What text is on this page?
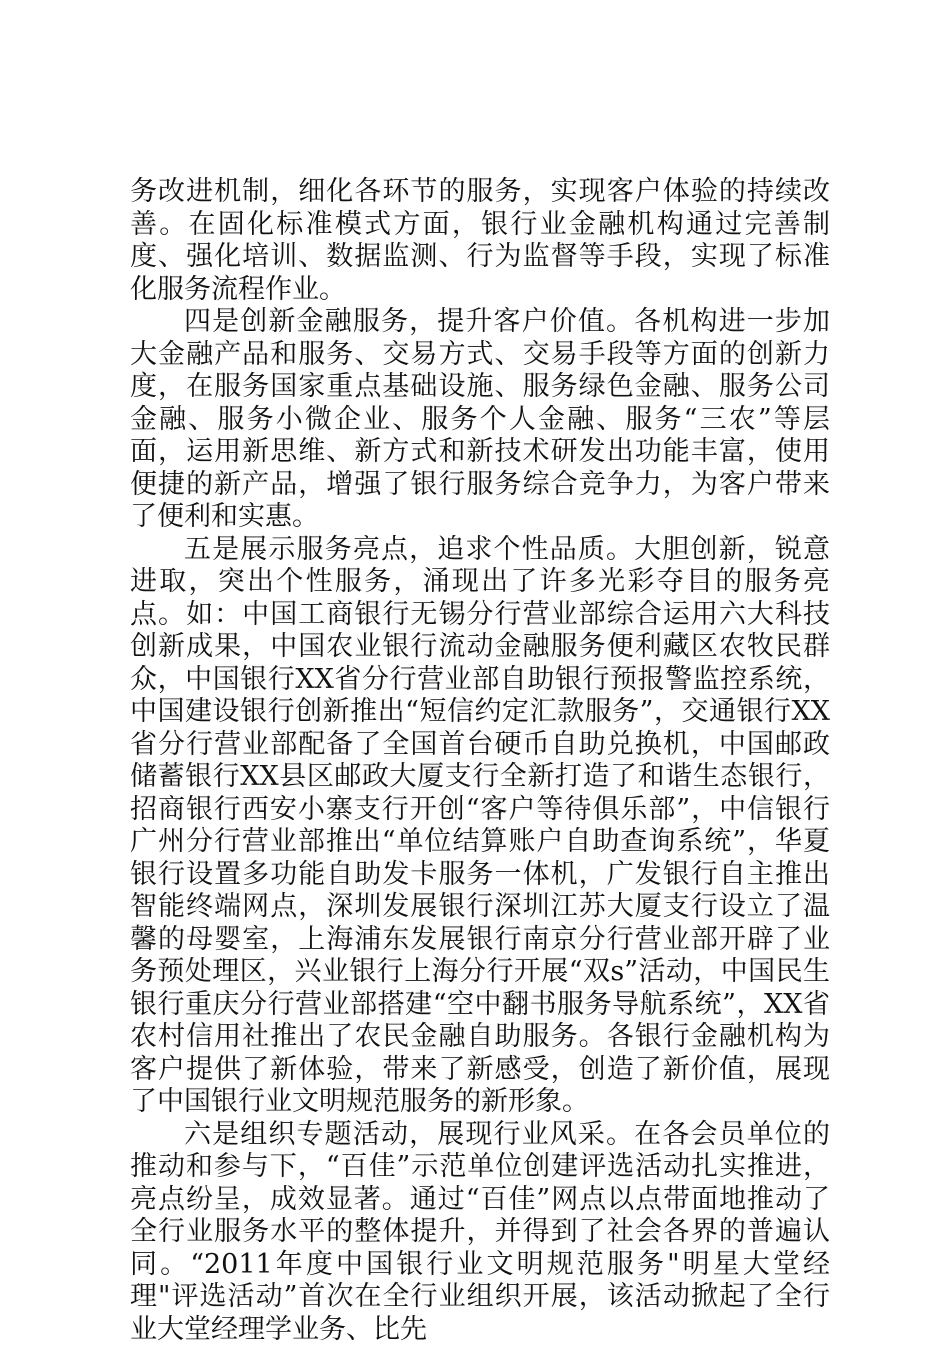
务改进机制，细化各环节的服务，实现客户体验的持续改善。在固化标准模式方面，银行业金融机构通过完善制度、强化培训、数据监测、行为监督等手段，实现了标准化服务流程作业。

四是创新金融服务，提升客户价值。各机构进一步加大金融产品和服务、交易方式、交易手段等方面的创新力度，在服务国家重点基础设施、服务绿色金融、服务公司金融、服务小微企业、服务个人金融、服务“三农”等层面，运用新思维、新方式和新技术研发出功能丰富，使用便捷的新产品，增强了银行服务综合竞争力，为客户带来了便利和实惠。

五是展示服务亮点，追求个性品质。大胆创新，锐意进取，突出个性服务，涌现出了许多光彩夺目的服务亮点。如：中国工商银行无锡分行营业部综合运用六大科技创新成果，中国农业银行流动金融服务便利藏区农牧民群众，中国银行XX省分行营业部自助银行预报警监控系统，中国建设银行创新推出“短信约定汇款服务”，交通银行XX省分行营业部配备了全国首台硬币自助兑换机，中国邮政储蓄银行XX县区邮政大厦支行全新打造了和谐生态银行，招商银行西安小寨支行开创“客户等待俱乐部”，中信银行广州分行营业部推出“单位结算账户自助查询系统”，华夏银行设置多功能自助发卡服务一体机，广发银行自主推出智能终端网点，深圳发展银行深圳江苏大厦支行设立了温馨的母婴室，上海浦东发展银行南京分行营业部开辟了业务预处理区，兴业银行上海分行开展“双s”活动，中国民生银行重庆分行营业部搭建“空中翻书服务导航系统”，XX省农村信用社推出了农民金融自助服务。各银行金融机构为客户提供了新体验，带来了新感受，创造了新价值，展现了中国银行业文明规范服务的新形象。

六是组织专题活动，展现行业风采。在各会员单位的推动和参与下，“百佳”示范单位创建评选活动扎实推进，亮点纷呈，成效显著。通过“百佳”网点以点带面地推动了全行业服务水平的整体提升，并得到了社会各界的普遍认同。“2011年度中国银行业文明规范服务"明星大堂经理"评选活动”首次在全行业组织开展，该活动掀起了全行业大堂经理学业务、比先
